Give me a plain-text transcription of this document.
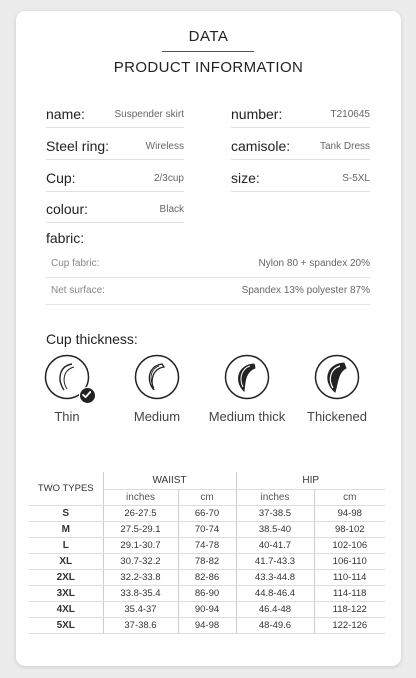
DATA
PRODUCT INFORMATION
name:	Suspender skirt	number:	T210645
Steel ring:	Wireless	camisole:	Tank Dress
Cup:	2/3cup	size:	S-5XL
colour:	Black
fabric:
Cup fabric:	Nylon 80 + spandex 20%
Net surface:	Spandex 13% polyester 87%
Cup thickness:
Thin	Medium	Medium thick	Thickened
TWO TYPES	WAIIST		HIP	
	inches	cm	inches	cm
S	26-27.5	66-70	37-38.5	94-98
M	27.5-29.1	70-74	38.5-40	98-102
L	29.1-30.7	74-78	40-41.7	102-106
XL	30.7-32.2	78-82	41.7-43.3	106-110
2XL	32.2-33.8	82-86	43.3-44.8	110-114
3XL	33.8-35.4	86-90	44.8-46.4	114-118
4XL	35.4-37	90-94	46.4-48	118-122
5XL	37-38.6	94-98	48-49.6	122-126
